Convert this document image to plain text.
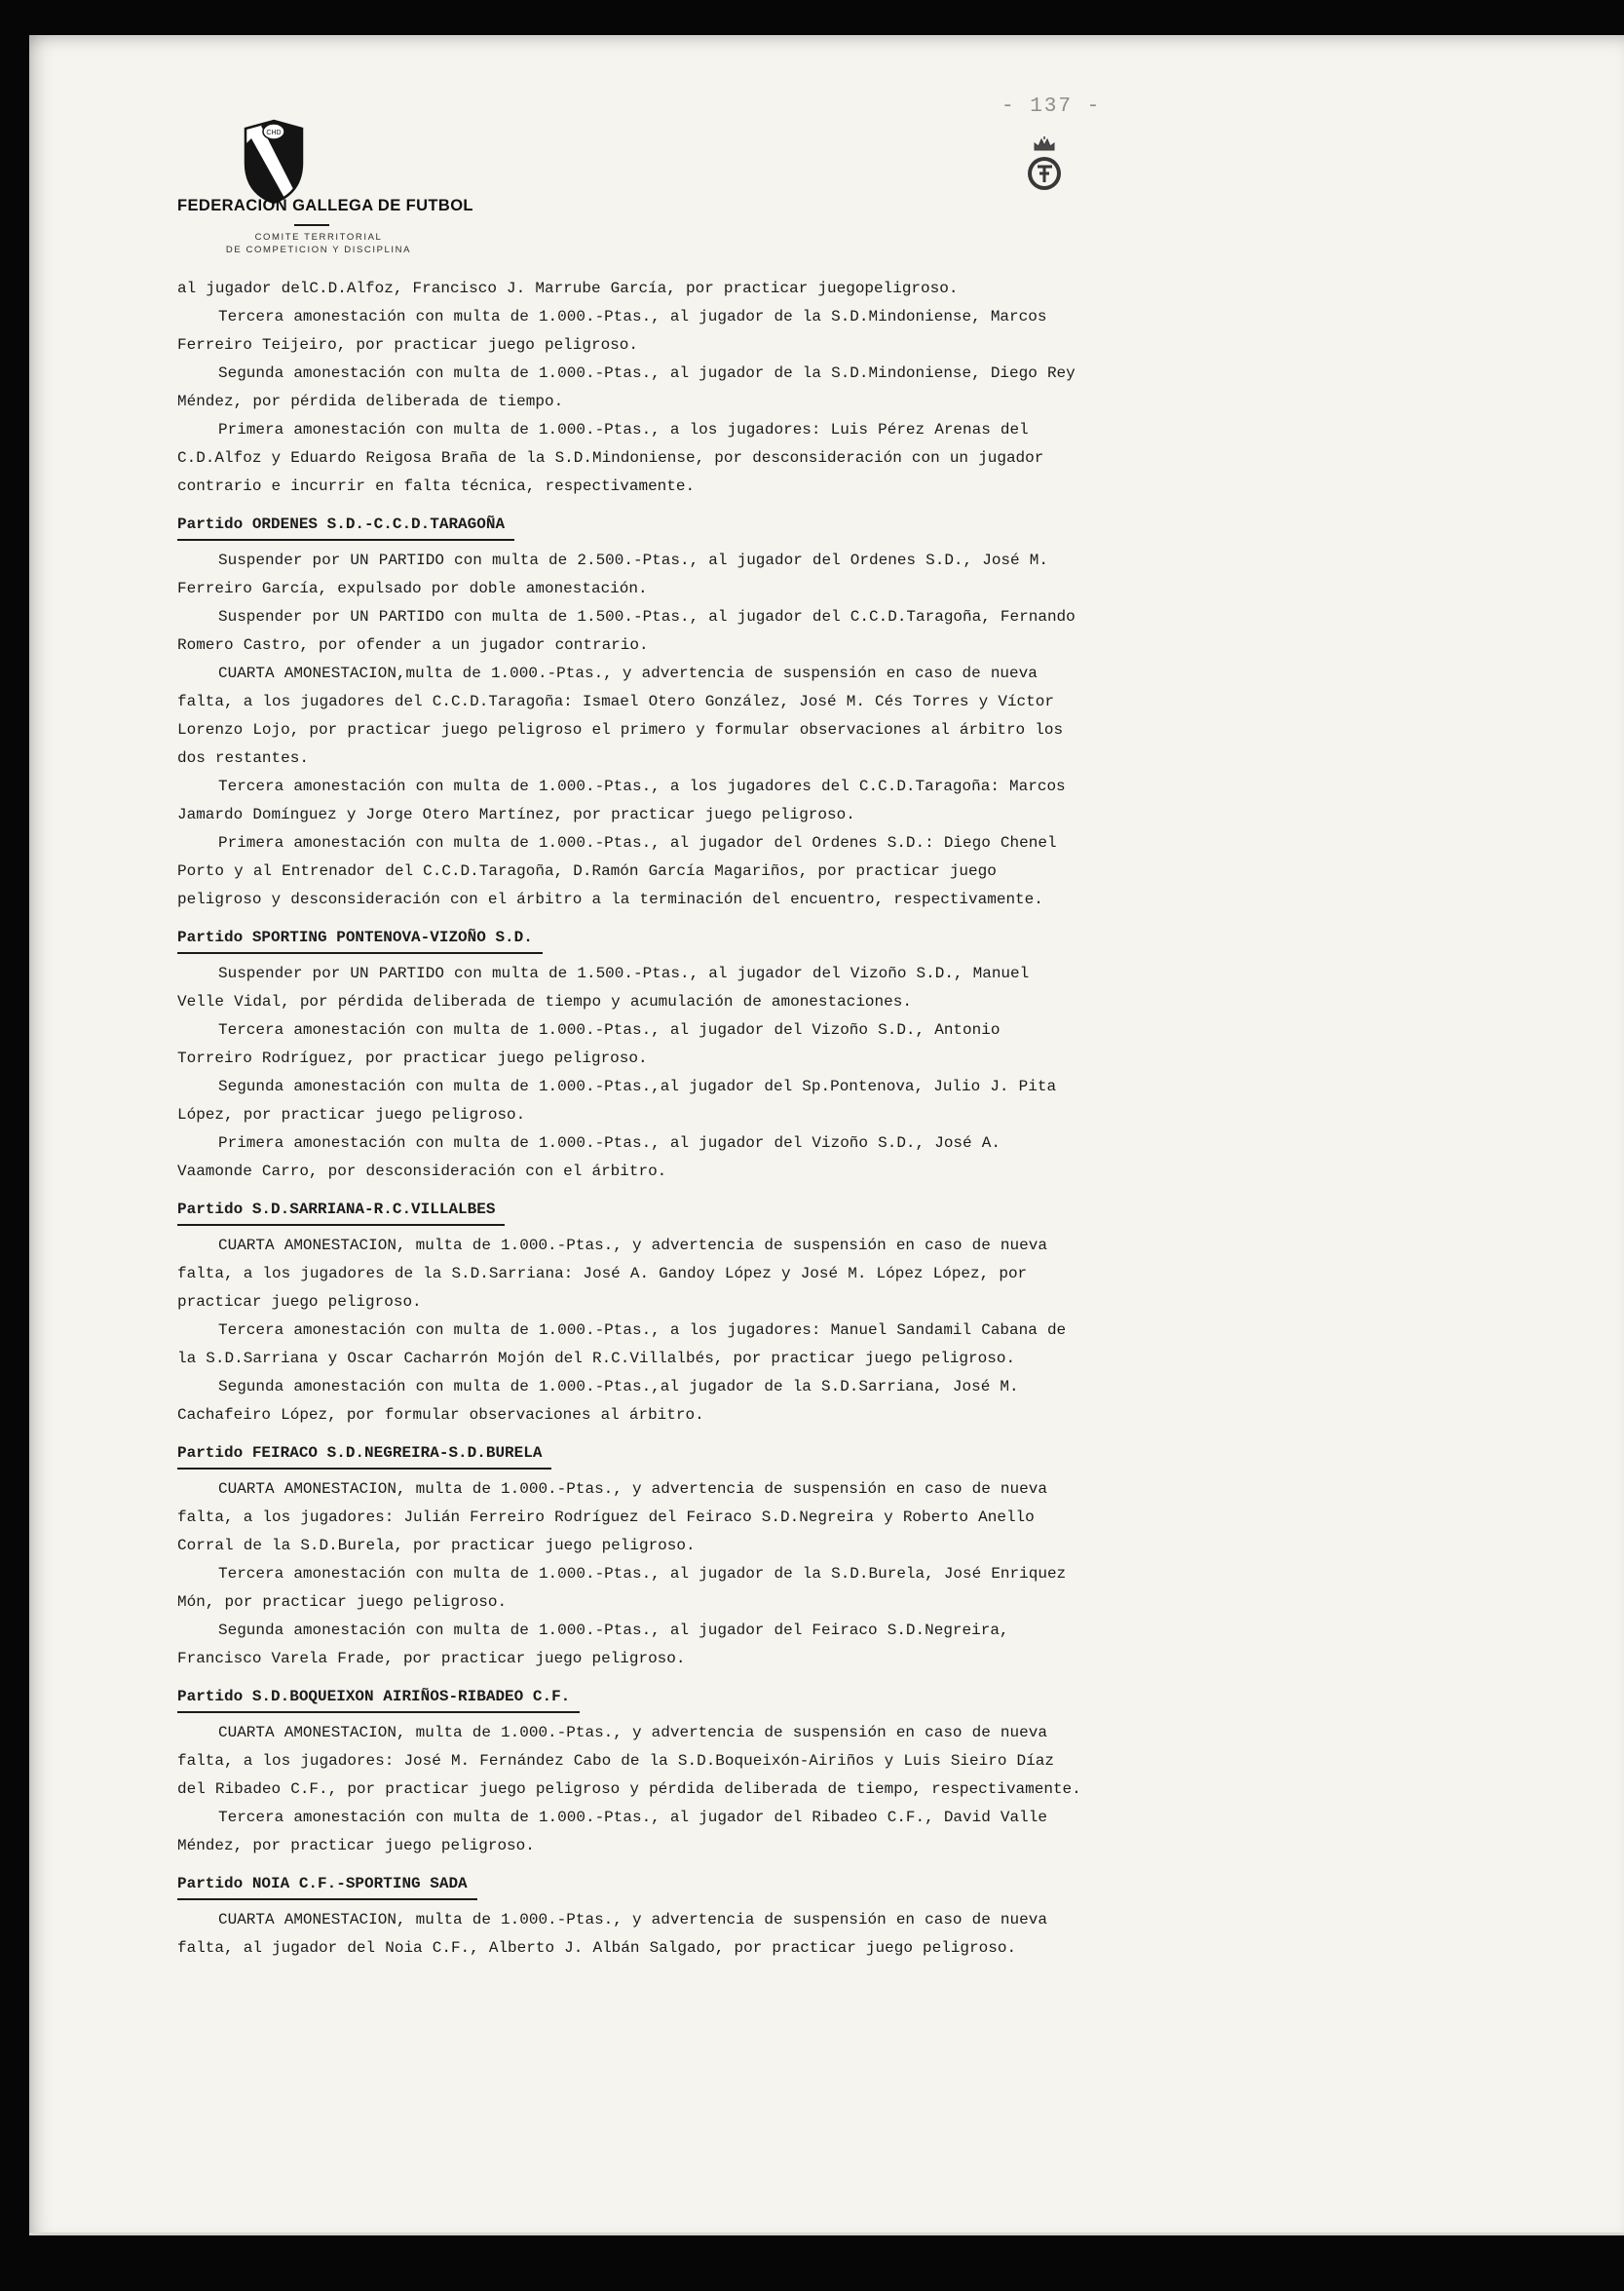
- 137 -
CHD
FEDERACION GALLEGA DE FUTBOL
COMITE TERRITORIAL
DE COMPETICION Y DISCIPLINA

al jugador delC.D.Alfoz, Francisco J. Marrube García, por practicar juegopeligroso.

Tercera amonestación con multa de 1.000.-Ptas., al jugador de la S.D.Mindoniense, Marcos Ferreiro Teijeiro, por practicar juego peligroso.

Segunda amonestación con multa de 1.000.-Ptas., al jugador de la S.D.Mindoniense, Diego Rey Méndez, por pérdida deliberada de tiempo.

Primera amonestación con multa de 1.000.-Ptas., a los jugadores: Luis Pérez Arenas del C.D.Alfoz y Eduardo Reigosa Braña de la S.D.Mindoniense, por desconsideración con un jugador contrario e incurrir en falta técnica, respectivamente.

Partido ORDENES S.D.-C.C.D.TARAGOÑA

Suspender por UN PARTIDO con multa de 2.500.-Ptas., al jugador del Ordenes S.D., José M. Ferreiro García, expulsado por doble amonestación.

Suspender por UN PARTIDO con multa de 1.500.-Ptas., al jugador del C.C.D.Taragoña, Fernando Romero Castro, por ofender a un jugador contrario.

CUARTA AMONESTACION,multa de 1.000.-Ptas., y advertencia de suspensión en caso de nueva falta, a los jugadores del C.C.D.Taragoña: Ismael Otero González, José M. Cés Torres y Víctor Lorenzo Lojo, por practicar juego peligroso el primero y formular observaciones al árbitro los dos restantes.

Tercera amonestación con multa de 1.000.-Ptas., a los jugadores del C.C.D.Taragoña: Marcos Jamardo Domínguez y Jorge Otero Martínez, por practicar juego peligroso.

Primera amonestación con multa de 1.000.-Ptas., al jugador del Ordenes S.D.: Diego Chenel Porto y al Entrenador del C.C.D.Taragoña, D.Ramón García Magariños, por practicar juego peligroso y desconsideración con el árbitro a la terminación del encuentro, respectivamente.

Partido SPORTING PONTENOVA-VIZOÑO S.D.

Suspender por UN PARTIDO con multa de 1.500.-Ptas., al jugador del Vizoño S.D., Manuel Velle Vidal, por pérdida deliberada de tiempo y acumulación de amonestaciones.

Tercera amonestación con multa de 1.000.-Ptas., al jugador del Vizoño S.D., Antonio Torreiro Rodríguez, por practicar juego peligroso.

Segunda amonestación con multa de 1.000.-Ptas.,al jugador del Sp.Pontenova, Julio J. Pita López, por practicar juego peligroso.

Primera amonestación con multa de 1.000.-Ptas., al jugador del Vizoño S.D., José A. Vaamonde Carro, por desconsideración con el árbitro.

Partido S.D.SARRIANA-R.C.VILLALBES

CUARTA AMONESTACION, multa de 1.000.-Ptas., y advertencia de suspensión en caso de nueva falta, a los jugadores de la S.D.Sarriana: José A. Gandoy López y José M. López López, por practicar juego peligroso.

Tercera amonestación con multa de 1.000.-Ptas., a los jugadores: Manuel Sandamil Cabana de la S.D.Sarriana y Oscar Cacharrón Mojón del R.C.Villalbés, por practicar juego peligroso.

Segunda amonestación con multa de 1.000.-Ptas.,al jugador de la S.D.Sarriana, José M. Cachafeiro López, por formular observaciones al árbitro.

Partido FEIRACO S.D.NEGREIRA-S.D.BURELA

CUARTA AMONESTACION, multa de 1.000.-Ptas., y advertencia de suspensión en caso de nueva falta, a los jugadores: Julián Ferreiro Rodríguez del Feiraco S.D.Negreira y Roberto Anello Corral de la S.D.Burela, por practicar juego peligroso.

Tercera amonestación con multa de 1.000.-Ptas., al jugador de la S.D.Burela, José Enriquez Món, por practicar juego peligroso.

Segunda amonestación con multa de 1.000.-Ptas., al jugador del Feiraco S.D.Negreira, Francisco Varela Frade, por practicar juego peligroso.

Partido S.D.BOQUEIXON AIRIÑOS-RIBADEO C.F.

CUARTA AMONESTACION, multa de 1.000.-Ptas., y advertencia de suspensión en caso de nueva falta, a los jugadores: José M. Fernández Cabo de la S.D.Boqueixón-Airiños y Luis Sieiro Díaz del Ribadeo C.F., por practicar juego peligroso y pérdida deliberada de tiempo, respectivamente.

Tercera amonestación con multa de 1.000.-Ptas., al jugador del Ribadeo C.F., David Valle Méndez, por practicar juego peligroso.

Partido NOIA C.F.-SPORTING SADA

CUARTA AMONESTACION, multa de 1.000.-Ptas., y advertencia de suspensión en caso de nueva falta, al jugador del Noia C.F., Alberto J. Albán Salgado, por practicar juego peligroso.
